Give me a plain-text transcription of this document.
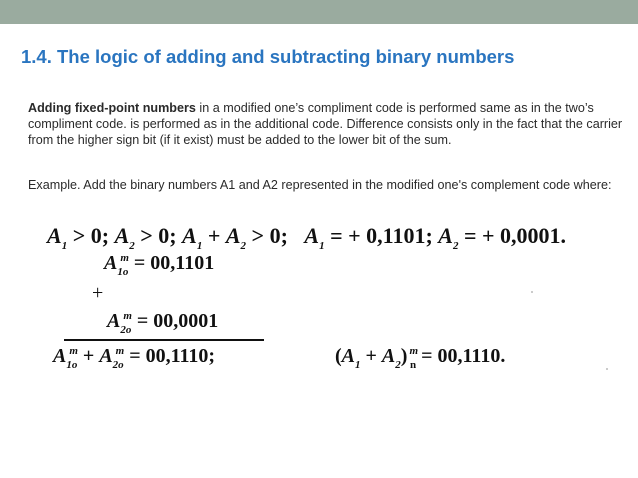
1.4. The logic of adding and subtracting binary numbers
Adding fixed-point numbers in a modified one’s compliment code is performed same as in the two’s compliment code. is performed as in the additional code. Difference consists only in the fact that the carrier from the higher sign bit (if it exist) must be added to the lower bit of the sum.
Example. Add the binary numbers A1 and A2 represented in the modified one's complement code where:
$A_1 > 0$; $A_2 > 0$; $A_1 + A_2 > 0$; $A_1$ = + 0,1101; $A_2$ = + 0,0001.
$A_{1o}^m = 00,1101$
+
$A_{2o}^m = 00,0001$
$A_{1o}^m + A_{2o}^m = 00,1110$;	$(A_1 + A_2) ^m_n = 00,1110$.
